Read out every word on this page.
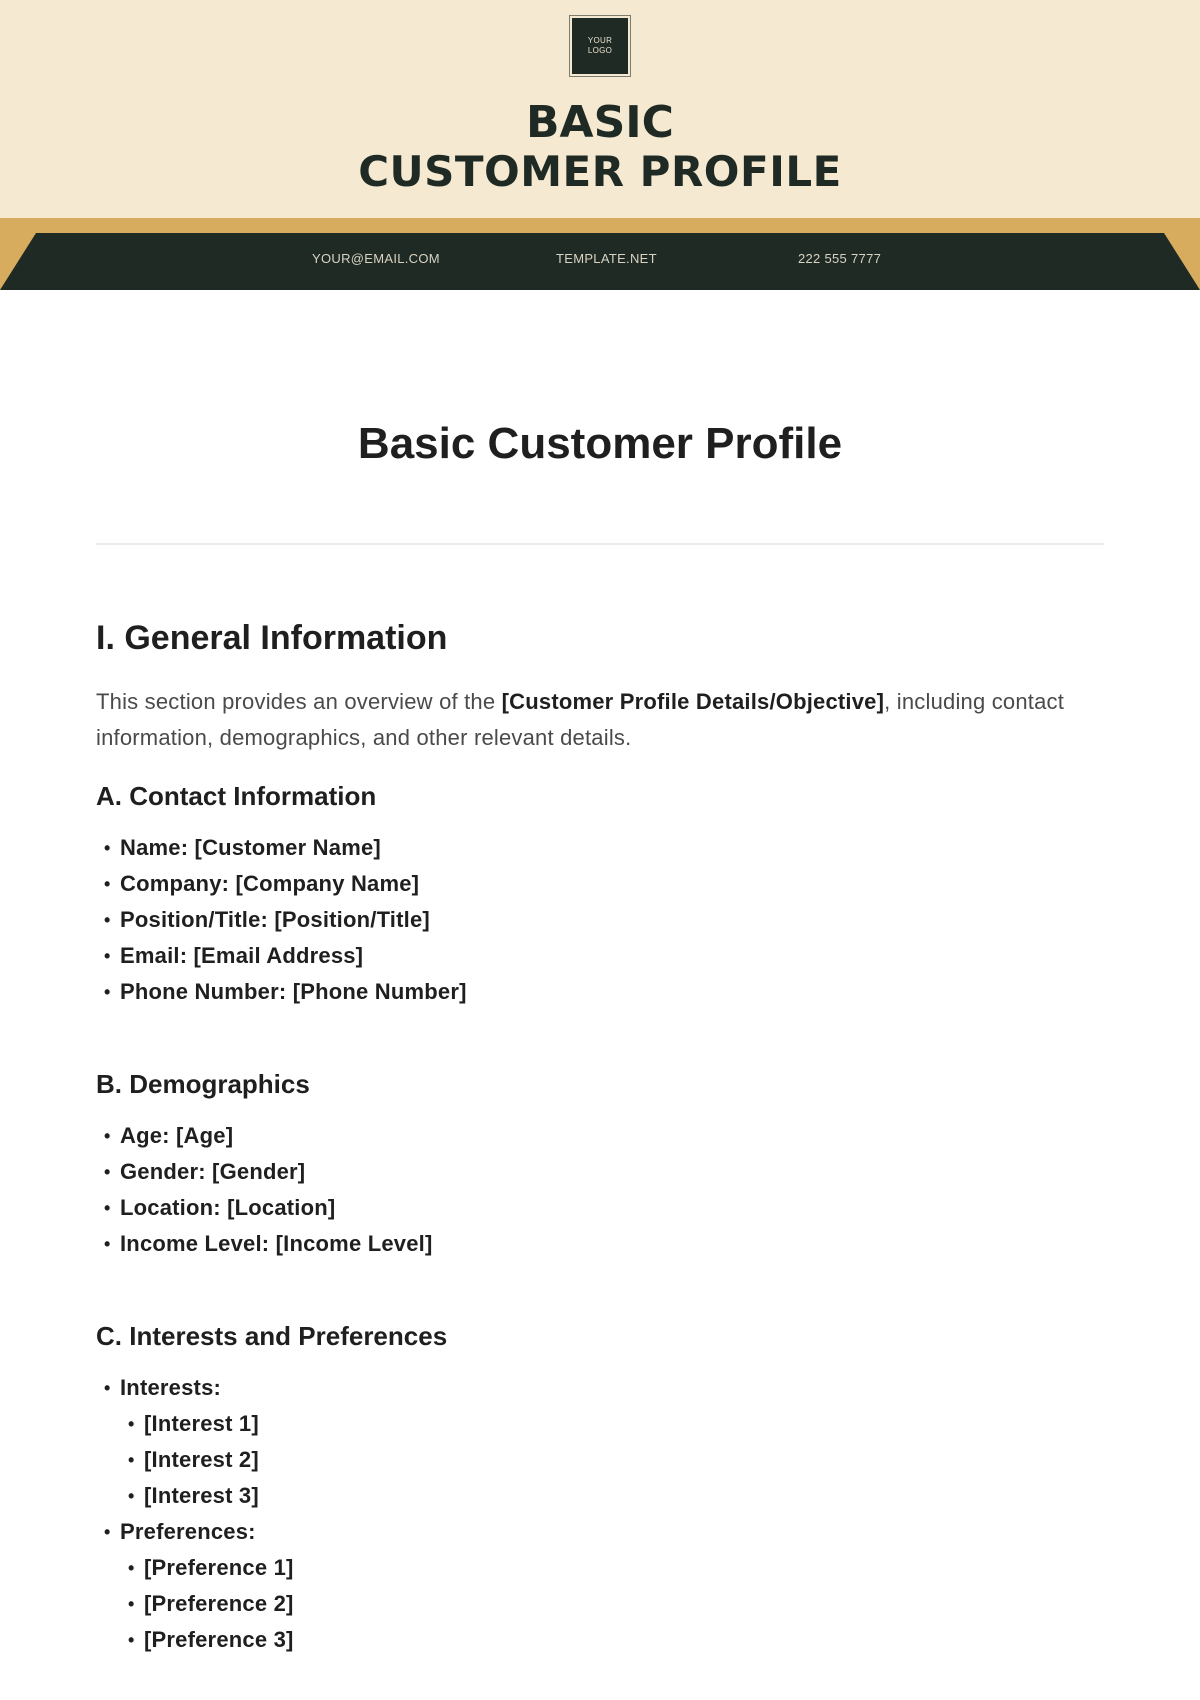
YOUR LOGO
BASIC
CUSTOMER PROFILE
YOUR@EMAIL.COM	TEMPLATE.NET	222 555 7777
Basic Customer Profile
I. General Information

This section provides an overview of the [Customer Profile Details/Objective], including contact information, demographics, and other relevant details.

A. Contact Information
• Name: [Customer Name]
• Company: [Company Name]
• Position/Title: [Position/Title]
• Email: [Email Address]
• Phone Number: [Phone Number]
B. Demographics
• Age: [Age]
• Gender: [Gender]
• Location: [Location]
• Income Level: [Income Level]
C. Interests and Preferences
• Interests:
• [Interest 1]
• [Interest 2]
• [Interest 3]
• Preferences:
• [Preference 1]
• [Preference 2]
• [Preference 3]
